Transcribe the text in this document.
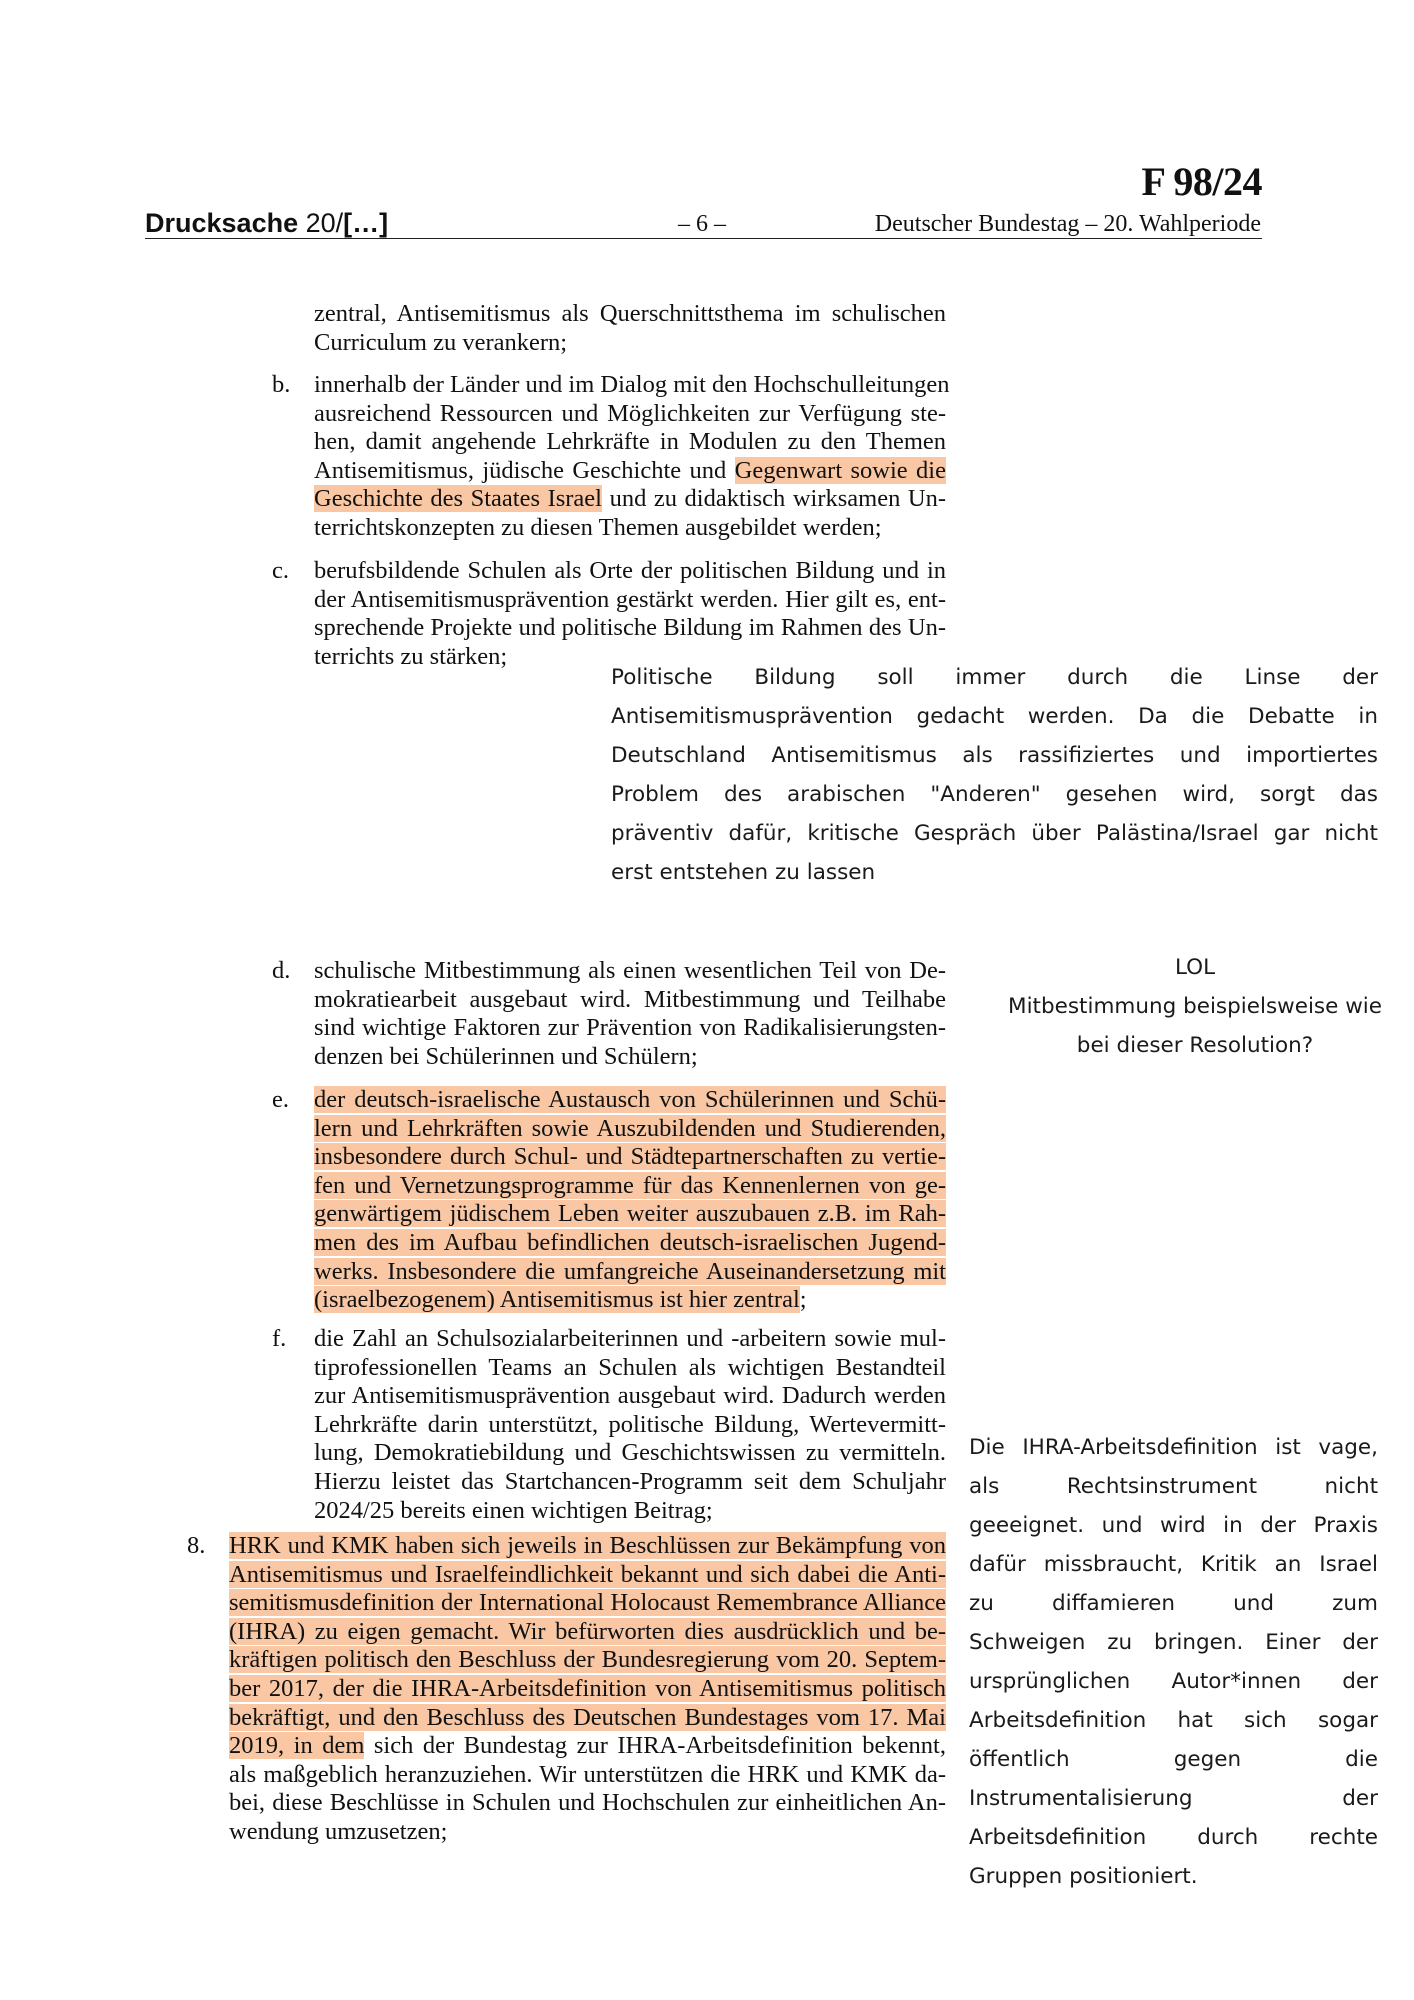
F 98/24
Drucksache 20/[…]	– 6 –	Deutscher Bundestag – 20. Wahlperiode
zentral, Antisemitismus als Querschnittsthema im schulischen
Curriculum zu verankern;
b. innerhalb der Länder und im Dialog mit den Hochschulleitungen
ausreichend Ressourcen und Möglichkeiten zur Verfügung ste-
hen, damit angehende Lehrkräfte in Modulen zu den Themen
Antisemitismus, jüdische Geschichte und Gegenwart sowie die
Geschichte des Staates Israel und zu didaktisch wirksamen Un-
terrichtskonzepten zu diesen Themen ausgebildet werden;
c. berufsbildende Schulen als Orte der politischen Bildung und in
der Antisemitismusprävention gestärkt werden. Hier gilt es, ent-
sprechende Projekte und politische Bildung im Rahmen des Un-
terrichts zu stärken;
d. schulische Mitbestimmung als einen wesentlichen Teil von De-
mokratiearbeit ausgebaut wird. Mitbestimmung und Teilhabe
sind wichtige Faktoren zur Prävention von Radikalisierungsten-
denzen bei Schülerinnen und Schülern;
e. der deutsch-israelische Austausch von Schülerinnen und Schü-
lern und Lehrkräften sowie Auszubildenden und Studierenden,
insbesondere durch Schul- und Städtepartnerschaften zu vertie-
fen und Vernetzungsprogramme für das Kennenlernen von ge-
genwärtigem jüdischem Leben weiter auszubauen z.B. im Rah-
men des im Aufbau befindlichen deutsch-israelischen Jugend-
werks. Insbesondere die umfangreiche Auseinandersetzung mit
(israelbezogenem) Antisemitismus ist hier zentral;
f. die Zahl an Schulsozialarbeiterinnen und -arbeitern sowie mul-
tiprofessionellen Teams an Schulen als wichtigen Bestandteil
zur Antisemitismusprävention ausgebaut wird. Dadurch werden
Lehrkräfte darin unterstützt, politische Bildung, Wertevermitt-
lung, Demokratiebildung und Geschichtswissen zu vermitteln.
Hierzu leistet das Startchancen-Programm seit dem Schuljahr
2024/25 bereits einen wichtigen Beitrag;
8. HRK und KMK haben sich jeweils in Beschlüssen zur Bekämpfung von
Antisemitismus und Israelfeindlichkeit bekannt und sich dabei die Anti-
semitismusdefinition der International Holocaust Remembrance Alliance
(IHRA) zu eigen gemacht. Wir befürworten dies ausdrücklich und be-
kräftigen politisch den Beschluss der Bundesregierung vom 20. Septem-
ber 2017, der die IHRA-Arbeitsdefinition von Antisemitismus politisch
bekräftigt, und den Beschluss des Deutschen Bundestages vom 17. Mai
2019, in dem sich der Bundestag zur IHRA-Arbeitsdefinition bekennt,
als maßgeblich heranzuziehen. Wir unterstützen die HRK und KMK da-
bei, diese Beschlüsse in Schulen und Hochschulen zur einheitlichen An-
wendung umzusetzen;
Politische Bildung soll immer durch die Linse der
Antisemitismusprävention gedacht werden. Da die Debatte in
Deutschland Antisemitismus als rassifiziertes und importiertes
Problem des arabischen "Anderen" gesehen wird, sorgt das
präventiv dafür, kritische Gespräch über Palästina/Israel gar nicht
erst entstehen zu lassen
LOL
Mitbestimmung beispielsweise wie
bei dieser Resolution?
Die IHRA-Arbeitsdefinition ist vage,
als Rechtsinstrument nicht
geeeignet. und wird in der Praxis
dafür missbraucht, Kritik an Israel
zu diffamieren und zum
Schweigen zu bringen. Einer der
ursprünglichen Autor*innen der
Arbeitsdefinition hat sich sogar
öffentlich gegen die
Instrumentalisierung der
Arbeitsdefinition durch rechte
Gruppen positioniert.
